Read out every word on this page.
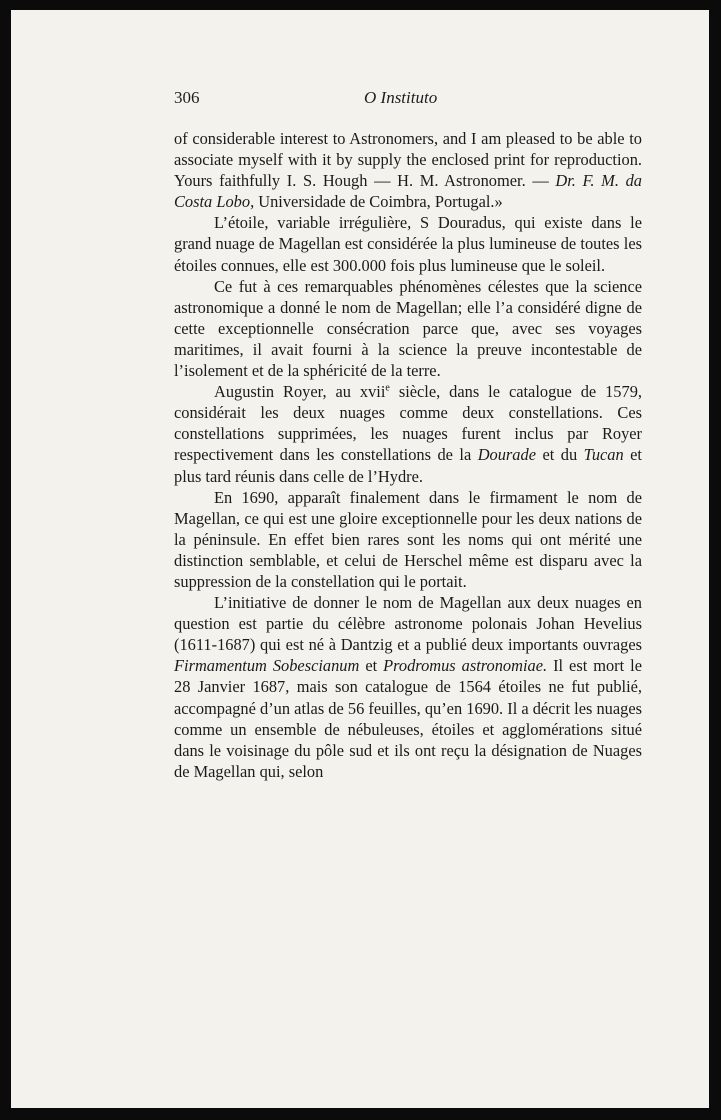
306	O Instituto

of considerable interest to Astronomers, and I am pleased to be able to associate myself with it by supply the enclosed print for reproduction. Yours faithfully I. S. Hough — H. M. Astronomer. — Dr. F. M. da Costa Lobo, Universidade de Coimbra, Portugal.»

L’étoile, variable irrégulière, S Douradus, qui existe dans le grand nuage de Magellan est considérée la plus lumineuse de toutes les étoiles connues, elle est 300.000 fois plus lumineuse que le soleil.

Ce fut à ces remarquables phénomènes célestes que la science astronomique a donné le nom de Magellan; elle l’a considéré digne de cette exceptionnelle consécration parce que, avec ses voyages maritimes, il avait fourni à la science la preuve incontestable de l’isolement et de la sphéricité de la terre.

Augustin Royer, au xvii$^e$ siècle, dans le catalogue de 1579, considérait les deux nuages comme deux constellations. Ces constellations supprimées, les nuages furent inclus par Royer respectivement dans les constellations de la Dourade et du Tucan et plus tard réunis dans celle de l’Hydre.

En 1690, apparaît finalement dans le firmament le nom de Magellan, ce qui est une gloire exceptionnelle pour les deux nations de la péninsule. En effet bien rares sont les noms qui ont mérité une distinction semblable, et celui de Herschel même est disparu avec la suppression de la constellation qui le portait.

L’initiative de donner le nom de Magellan aux deux nuages en question est partie du célèbre astronome polonais Johan Hevelius (1611-1687) qui est né à Dantzig et a publié deux importants ouvrages Firmamentum Sobescianum et Prodromus astronomiae. Il est mort le 28 Janvier 1687, mais son catalogue de 1564 étoiles ne fut publié, accompagné d’un atlas de 56 feuilles, qu’en 1690. Il a décrit les nuages comme un ensemble de nébuleuses, étoiles et agglomérations situé dans le voisinage du pôle sud et ils ont reçu la désignation de Nuages de Magellan qui, selon
